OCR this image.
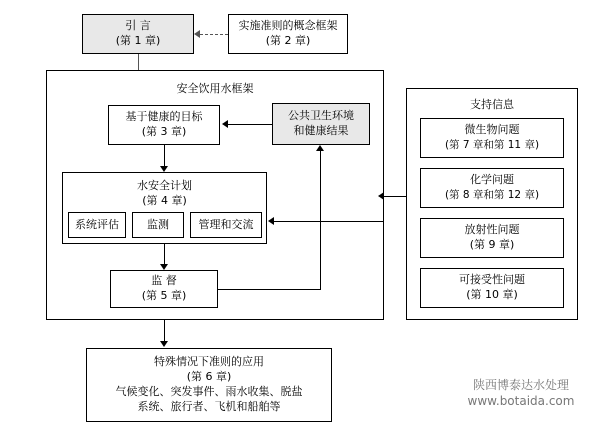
引 言
(第 1 章)
实施准则的概念框架
(第 2 章)
安全饮用水框架
基于健康的目标
(第 3 章)
公共卫生环境
和健康结果
水安全计划
(第 4 章)
系统评估	监测	管理和交流
监 督
(第 5 章)
支持信息
微生物问题
(第 7 章和第 11 章)
化学问题
(第 8 章和第 12 章)
放射性问题
(第 9 章)
可接受性问题
(第 10 章)
特殊情况下准则的应用
(第 6 章)
气候变化、突发事件、雨水收集、脱盐
系统、旅行者、飞机和船舶等
陕西博泰达水处理
www.botaida.com
